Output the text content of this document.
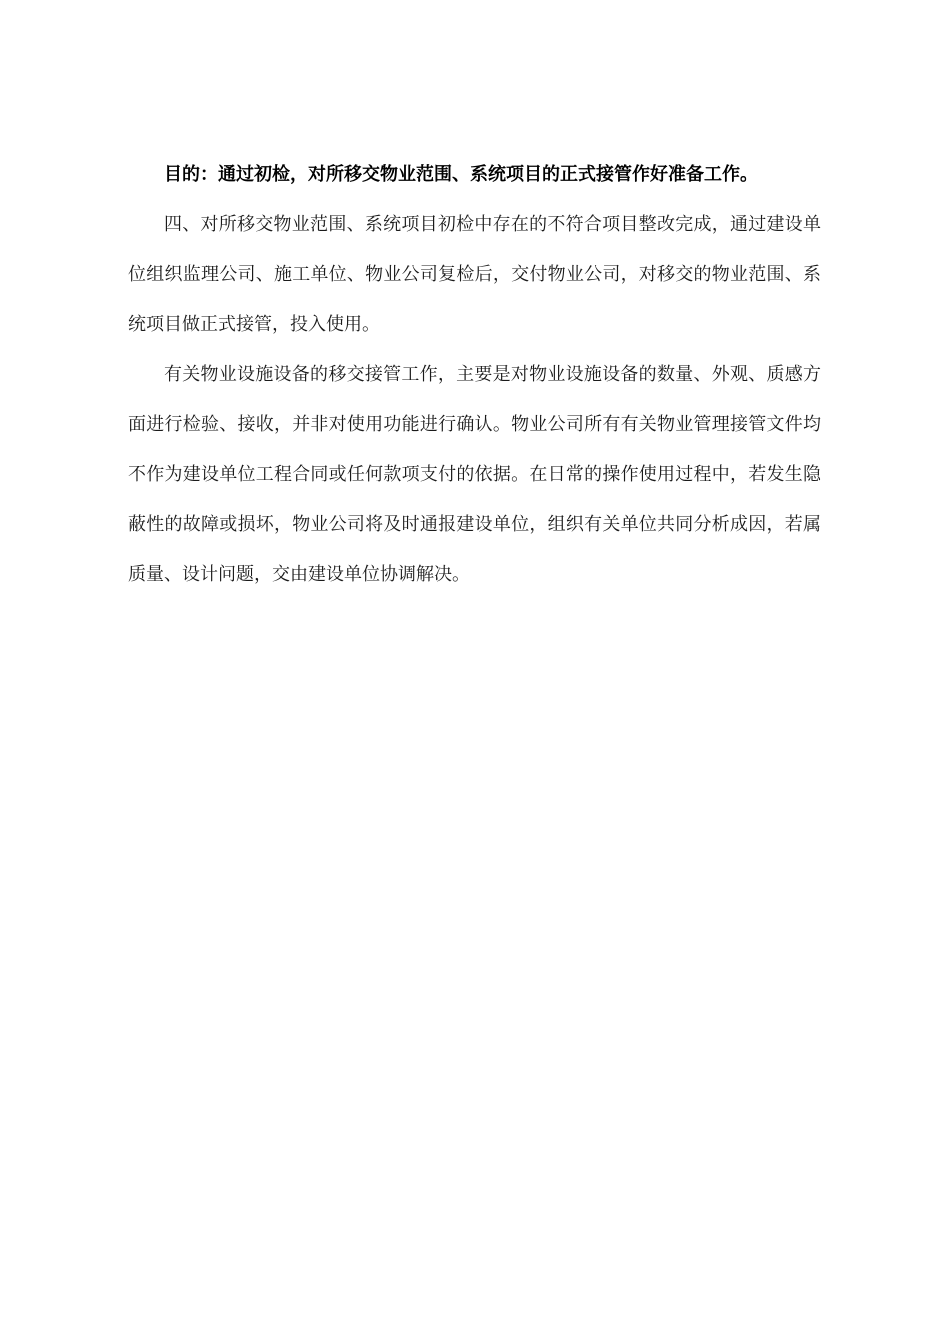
目的：通过初检，对所移交物业范围、系统项目的正式接管作好准备工作。

四、对所移交物业范围、系统项目初检中存在的不符合项目整改完成，通过建设单位组织监理公司、施工单位、物业公司复检后，交付物业公司，对移交的物业范围、系统项目做正式接管，投入使用。

有关物业设施设备的移交接管工作，主要是对物业设施设备的数量、外观、质感方面进行检验、接收，并非对使用功能进行确认。物业公司所有有关物业管理接管文件均不作为建设单位工程合同或任何款项支付的依据。在日常的操作使用过程中，若发生隐蔽性的故障或损坏，物业公司将及时通报建设单位，组织有关单位共同分析成因，若属质量、设计问题，交由建设单位协调解决。
